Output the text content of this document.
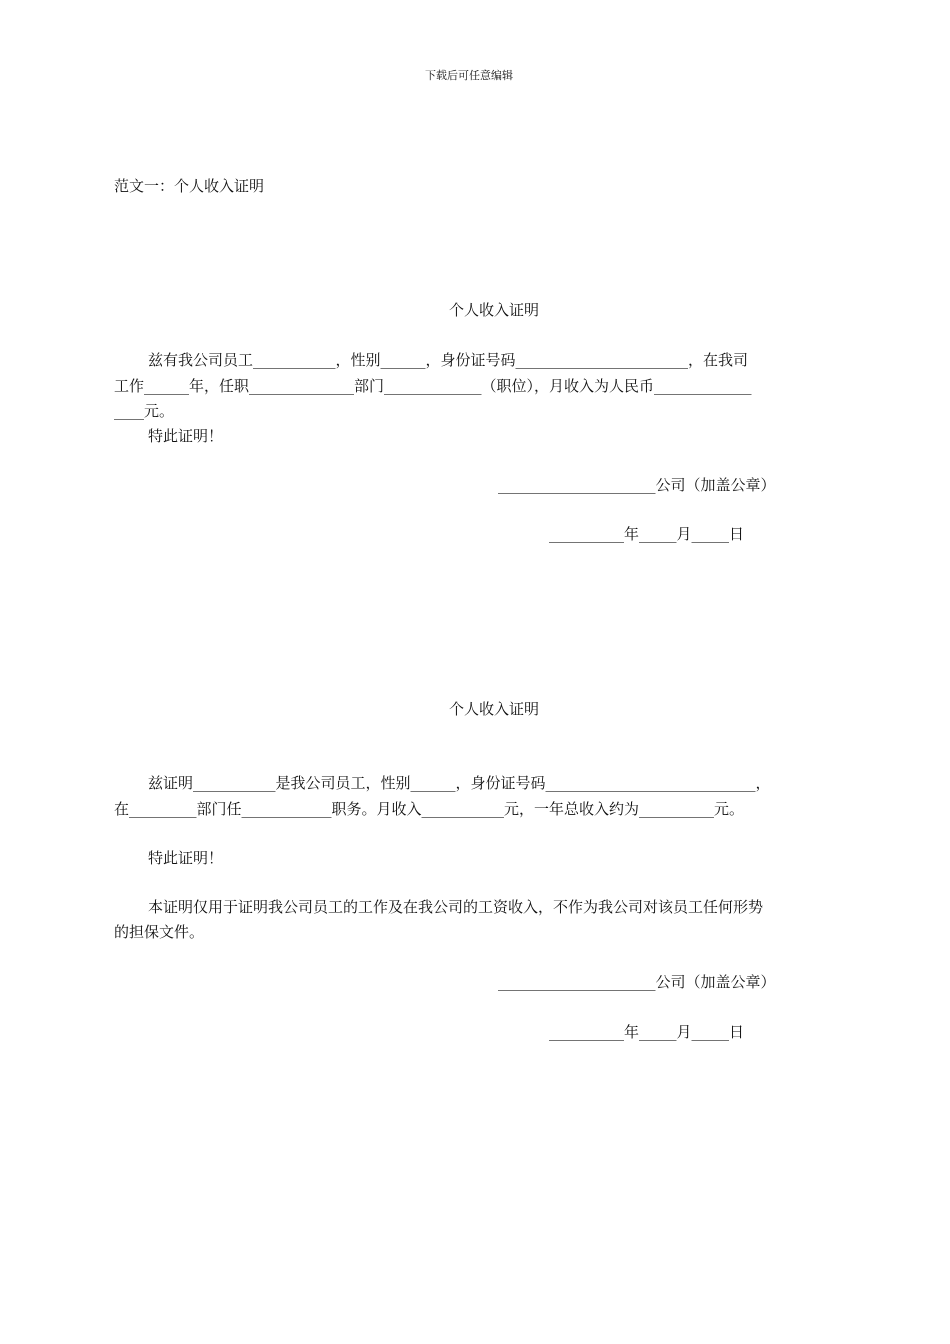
下载后可任意编辑
范文一：个人收入证明
个人收入证明
兹有我公司员工___________，性别______，身份证号码_______________________，在我司
工作______年，任职______________部门_____________（职位），月收入为人民币_____________
____元。
特此证明！
_____________________公司（加盖公章）
__________年_____月_____日
个人收入证明
兹证明___________是我公司员工，性别______，身份证号码____________________________，
在_________部门任____________职务。月收入___________元，一年总收入约为__________元。
特此证明！
本证明仅用于证明我公司员工的工作及在我公司的工资收入，不作为我公司对该员工任何形势
的担保文件。
_____________________公司（加盖公章）
__________年_____月_____日
